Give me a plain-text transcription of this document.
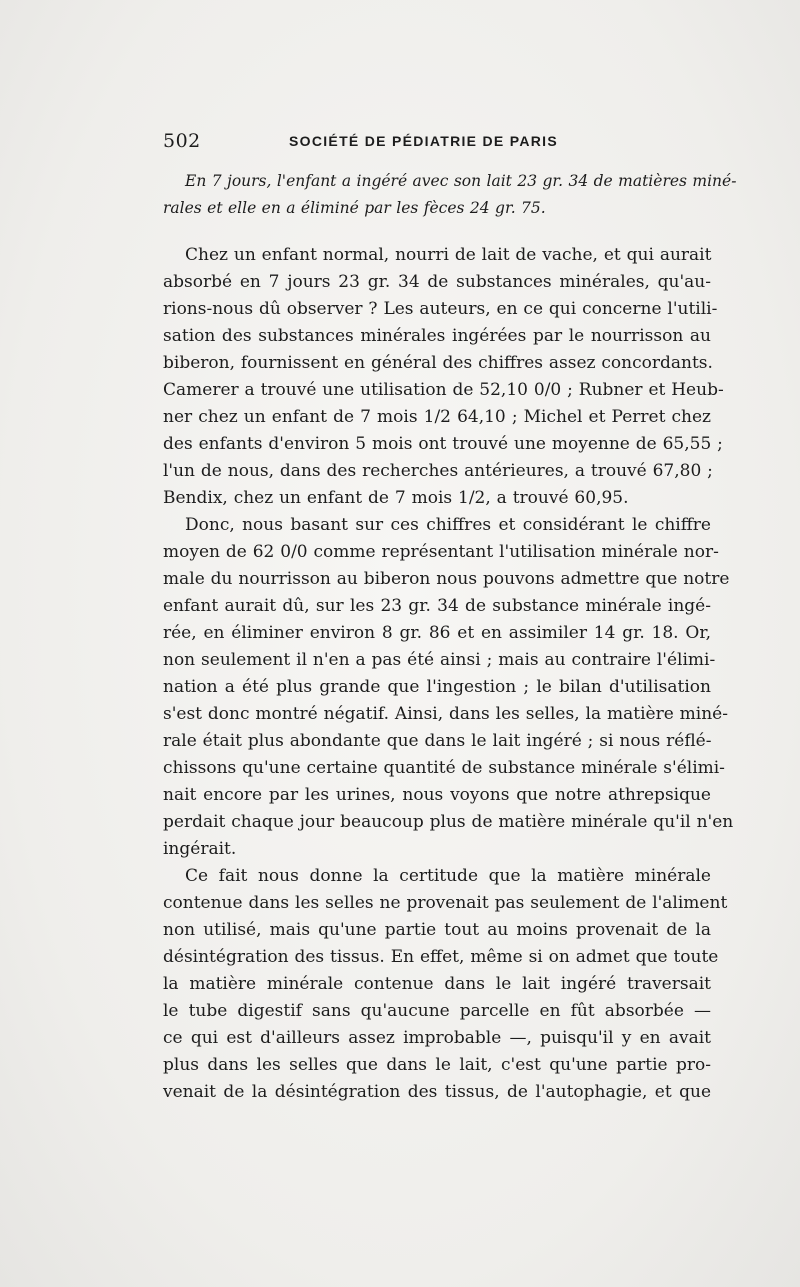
502	SOCIÉTÉ DE PÉDIATRIE DE PARIS
En 7 jours, l'enfant a ingéré avec son lait 23 gr. 34 de matières miné-
rales et elle en a éliminé par les fèces 24 gr. 75.
Chez un enfant normal, nourri de lait de vache, et qui aurait
absorbé en 7 jours 23 gr. 34 de substances minérales, qu'au-
rions-nous dû observer ? Les auteurs, en ce qui concerne l'utili-
sation des substances minérales ingérées par le nourrisson au
biberon, fournissent en général des chiffres assez concordants.
Camerer a trouvé une utilisation de 52,10 0/0 ; Rubner et Heub-
ner chez un enfant de 7 mois 1/2 64,10 ; Michel et Perret chez
des enfants d'environ 5 mois ont trouvé une moyenne de 65,55 ;
l'un de nous, dans des recherches antérieures, a trouvé 67,80 ;
Bendix, chez un enfant de 7 mois 1/2, a trouvé 60,95.
Donc, nous basant sur ces chiffres et considérant le chiffre
moyen de 62 0/0 comme représentant l'utilisation minérale nor-
male du nourrisson au biberon nous pouvons admettre que notre
enfant aurait dû, sur les 23 gr. 34 de substance minérale ingé-
rée, en éliminer environ 8 gr. 86 et en assimiler 14 gr. 18. Or,
non seulement il n'en a pas été ainsi ; mais au contraire l'élimi-
nation a été plus grande que l'ingestion ; le bilan d'utilisation
s'est donc montré négatif. Ainsi, dans les selles, la matière miné-
rale était plus abondante que dans le lait ingéré ; si nous réflé-
chissons qu'une certaine quantité de substance minérale s'élimi-
nait encore par les urines, nous voyons que notre athrepsique
perdait chaque jour beaucoup plus de matière minérale qu'il n'en
ingérait.
Ce fait nous donne la certitude que la matière minérale
contenue dans les selles ne provenait pas seulement de l'aliment
non utilisé, mais qu'une partie tout au moins provenait de la
désintégration des tissus. En effet, même si on admet que toute
la matière minérale contenue dans le lait ingéré traversait
le tube digestif sans qu'aucune parcelle en fût absorbée —
ce qui est d'ailleurs assez improbable —, puisqu'il y en avait
plus dans les selles que dans le lait, c'est qu'une partie pro-
venait de la désintégration des tissus, de l'autophagie, et que
